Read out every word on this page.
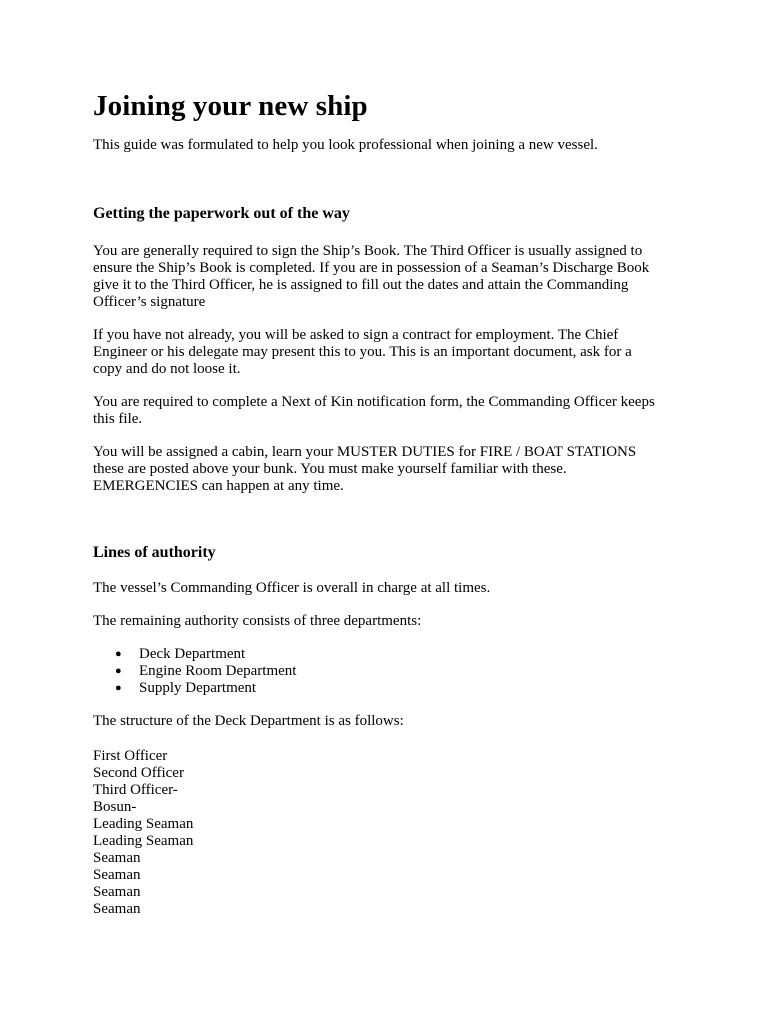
Joining your new ship

This guide was formulated to help you look professional when joining a new vessel.

Getting the paperwork out of the way

You are generally required to sign the Ship’s Book. The Third Officer is usually assigned to
ensure the Ship’s Book is completed. If you are in possession of a Seaman’s Discharge Book
give it to the Third Officer, he is assigned to fill out the dates and attain the Commanding
Officer’s signature

If you have not already, you will be asked to sign a contract for employment. The Chief
Engineer or his delegate may present this to you. This is an important document, ask for a
copy and do not loose it.

You are required to complete a Next of Kin notification form, the Commanding Officer keeps
this file.

You will be assigned a cabin, learn your MUSTER DUTIES for FIRE / BOAT STATIONS
these are posted above your bunk. You must make yourself familiar with these.
EMERGENCIES can happen at any time.

Lines of authority

The vessel’s Commanding Officer is overall in charge at all times.

The remaining authority consists of three departments:

● Deck Department
● Engine Room Department
● Supply Department

The structure of the Deck Department is as follows:

First Officer
Second Officer
Third Officer-
Bosun-
Leading Seaman
Leading Seaman
Seaman
Seaman
Seaman
Seaman
